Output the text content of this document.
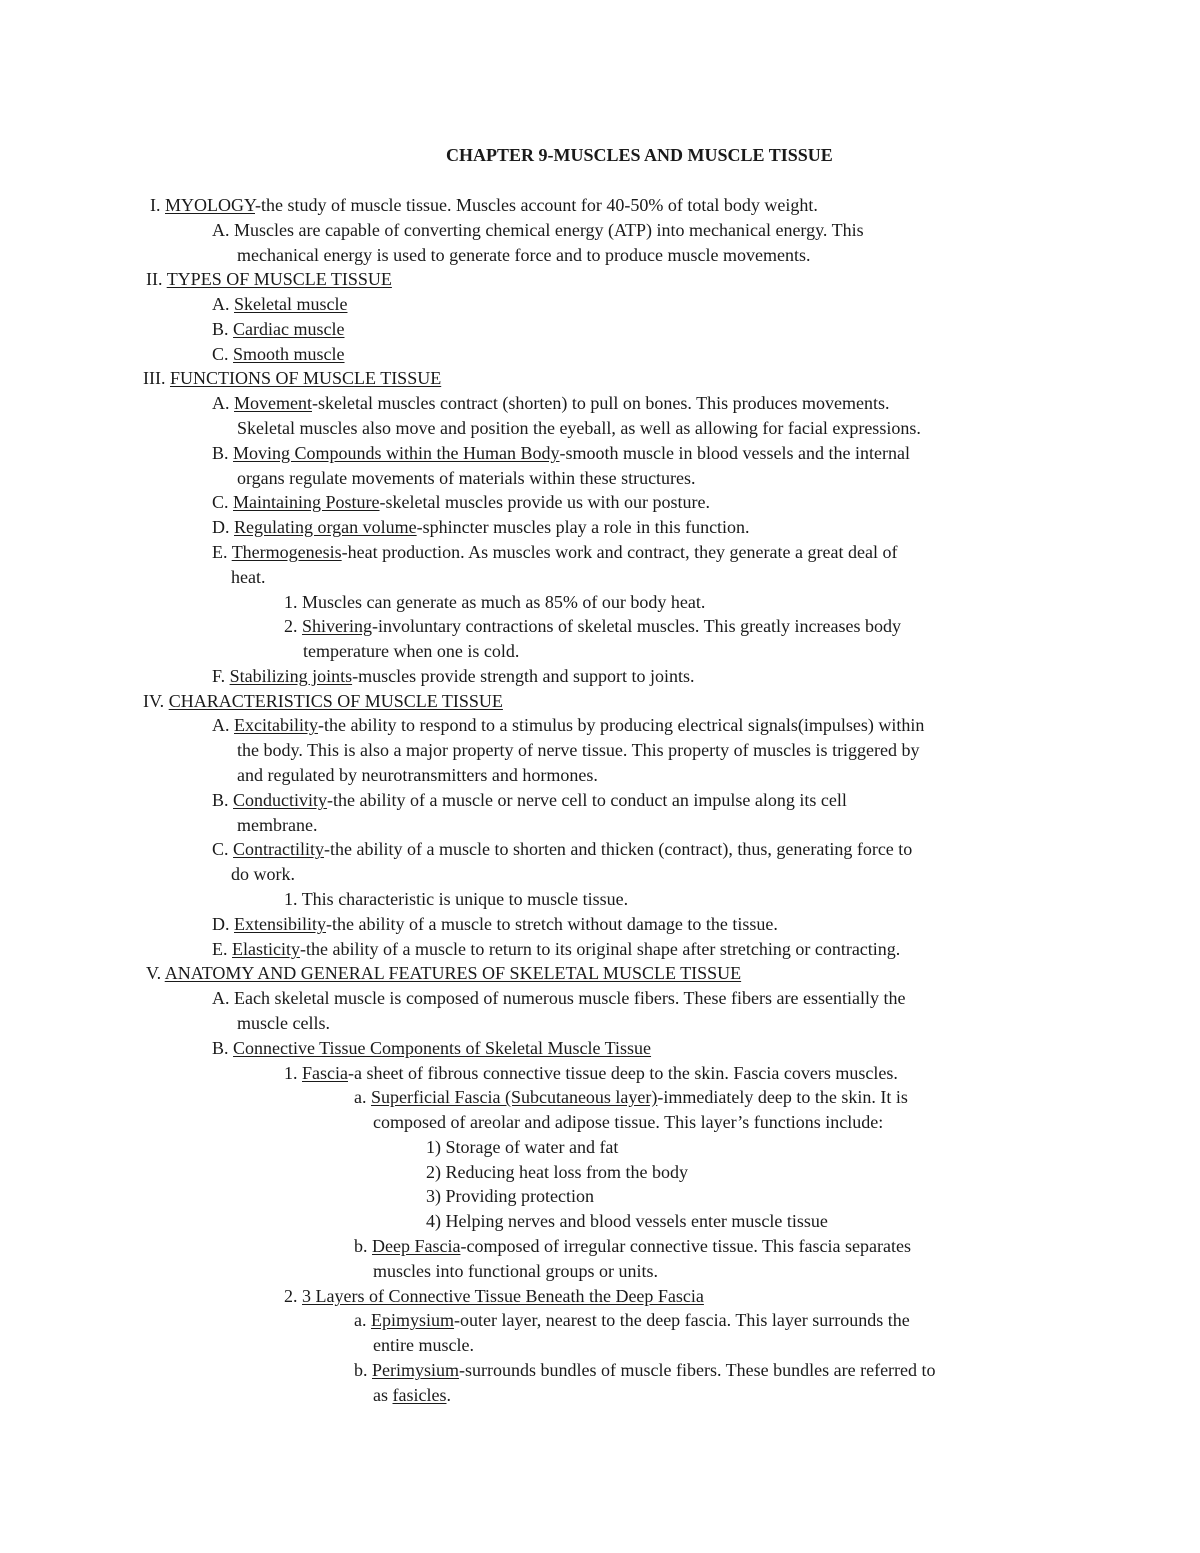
CHAPTER 9-MUSCLES AND MUSCLE TISSUE

I. MYOLOGY-the study of muscle tissue. Muscles account for 40-50% of total body weight.

A. Muscles are capable of converting chemical energy (ATP) into mechanical energy. This

mechanical energy is used to generate force and to produce muscle movements.

II. TYPES OF MUSCLE TISSUE

A. Skeletal muscle

B. Cardiac muscle

C. Smooth muscle

III. FUNCTIONS OF MUSCLE TISSUE

A. Movement-skeletal muscles contract (shorten) to pull on bones. This produces movements.

Skeletal muscles also move and position the eyeball, as well as allowing for facial expressions.

B. Moving Compounds within the Human Body-smooth muscle in blood vessels and the internal

organs regulate movements of materials within these structures.

C. Maintaining Posture-skeletal muscles provide us with our posture.

D. Regulating organ volume-sphincter muscles play a role in this function.

E. Thermogenesis-heat production. As muscles work and contract, they generate a great deal of

heat.

1. Muscles can generate as much as 85% of our body heat.

2. Shivering-involuntary contractions of skeletal muscles. This greatly increases body

temperature when one is cold.

F. Stabilizing joints-muscles provide strength and support to joints.

IV. CHARACTERISTICS OF MUSCLE TISSUE

A. Excitability-the ability to respond to a stimulus by producing electrical signals(impulses) within

the body. This is also a major property of nerve tissue. This property of muscles is triggered by

and regulated by neurotransmitters and hormones.

B. Conductivity-the ability of a muscle or nerve cell to conduct an impulse along its cell

membrane.

C. Contractility-the ability of a muscle to shorten and thicken (contract), thus, generating force to

do work.

1. This characteristic is unique to muscle tissue.

D. Extensibility-the ability of a muscle to stretch without damage to the tissue.

E. Elasticity-the ability of a muscle to return to its original shape after stretching or contracting.

V. ANATOMY AND GENERAL FEATURES OF SKELETAL MUSCLE TISSUE

A. Each skeletal muscle is composed of numerous muscle fibers. These fibers are essentially the

muscle cells.

B. Connective Tissue Components of Skeletal Muscle Tissue

1. Fascia-a sheet of fibrous connective tissue deep to the skin. Fascia covers muscles.

a. Superficial Fascia (Subcutaneous layer)-immediately deep to the skin. It is

composed of areolar and adipose tissue. This layer’s functions include:

1) Storage of water and fat

2) Reducing heat loss from the body

3) Providing protection

4) Helping nerves and blood vessels enter muscle tissue

b. Deep Fascia-composed of irregular connective tissue. This fascia separates

muscles into functional groups or units.

2. 3 Layers of Connective Tissue Beneath the Deep Fascia

a. Epimysium-outer layer, nearest to the deep fascia. This layer surrounds the

entire muscle.

b. Perimysium-surrounds bundles of muscle fibers. These bundles are referred to

as fasicles.
